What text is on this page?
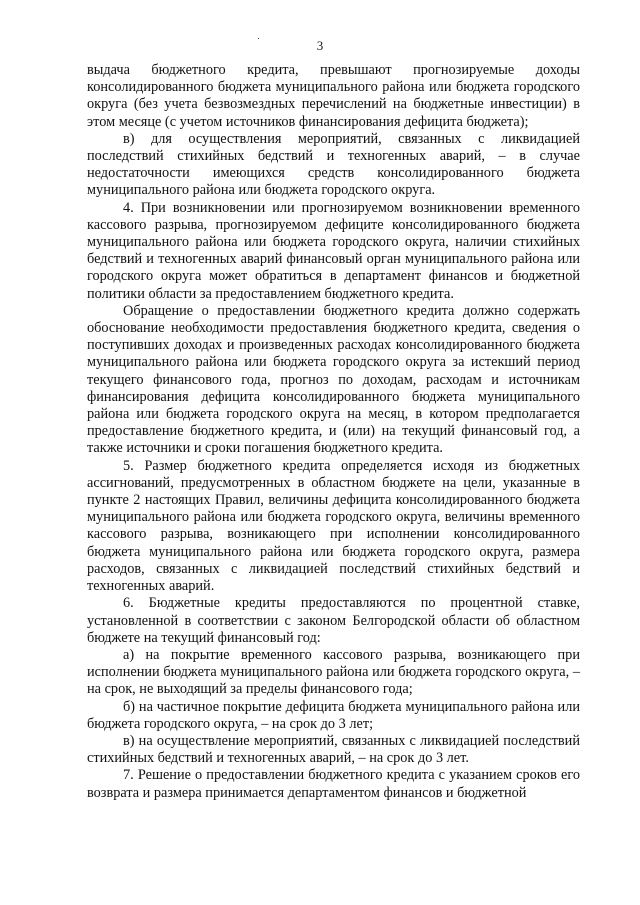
3

выдача бюджетного кредита, превышают прогнозируемые доходы консолидированного бюджета муниципального района или бюджета городского округа (без учета безвозмездных перечислений на бюджетные инвестиции) в этом месяце (с учетом источников финансирования дефицита бюджета);

в) для осуществления мероприятий, связанных с ликвидацией последствий стихийных бедствий и техногенных аварий, – в случае недостаточности имеющихся средств консолидированного бюджета муниципального района или бюджета городского округа.

4. При возникновении или прогнозируемом возникновении временного кассового разрыва, прогнозируемом дефиците консолидированного бюджета муниципального района или бюджета городского округа, наличии стихийных бедствий и техногенных аварий финансовый орган муниципального района или городского округа может обратиться в департамент финансов и бюджетной политики области за предоставлением бюджетного кредита.

Обращение о предоставлении бюджетного кредита должно содержать обоснование необходимости предоставления бюджетного кредита, сведения о поступивших доходах и произведенных расходах консолидированного бюджета муниципального района или бюджета городского округа за истекший период текущего финансового года, прогноз по доходам, расходам и источникам финансирования дефицита консолидированного бюджета муниципального района или бюджета городского округа на месяц, в котором предполагается предоставление бюджетного кредита, и (или) на текущий финансовый год, а также источники и сроки погашения бюджетного кредита.

5. Размер бюджетного кредита определяется исходя из бюджетных ассигнований, предусмотренных в областном бюджете на цели, указанные в пункте 2 настоящих Правил, величины дефицита консолидированного бюджета муниципального района или бюджета городского округа, величины временного кассового разрыва, возникающего при исполнении консолидированного бюджета муниципального района или бюджета городского округа, размера расходов, связанных с ликвидацией последствий стихийных бедствий и техногенных аварий.

6. Бюджетные кредиты предоставляются по процентной ставке, установленной в соответствии с законом Белгородской области об областном бюджете на текущий финансовый год:

а) на покрытие временного кассового разрыва, возникающего при исполнении бюджета муниципального района или бюджета городского округа, – на срок, не выходящий за пределы финансового года;

б) на частичное покрытие дефицита бюджета муниципального района или бюджета городского округа, – на срок до 3 лет;

в) на осуществление мероприятий, связанных с ликвидацией последствий стихийных бедствий и техногенных аварий, – на срок до 3 лет.

7. Решение о предоставлении бюджетного кредита с указанием сроков его возврата и размера принимается департаментом финансов и бюджетной
